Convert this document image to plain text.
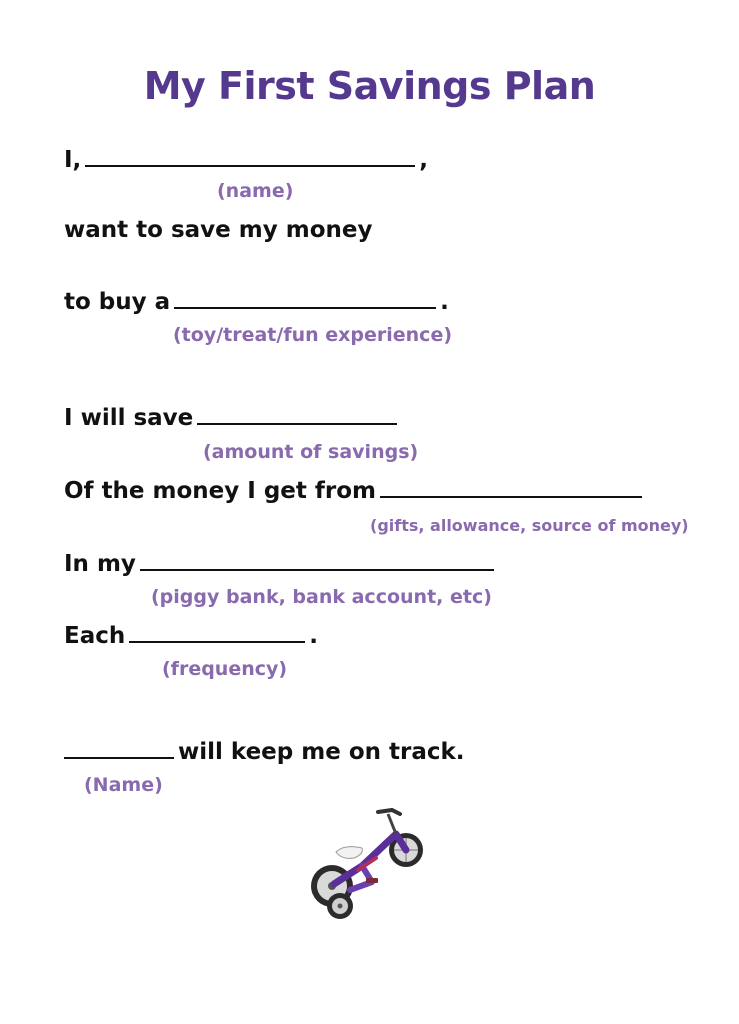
My First Savings Plan
I,	,
(name)
want to save my money
to buy a	.
(toy/treat/fun experience)
I will save
(amount of savings)
Of the money I get from
(gifts, allowance, source of money)
In my
(piggy bank, bank account, etc)
Each	.
(frequency)
will keep me on track.
(Name)
